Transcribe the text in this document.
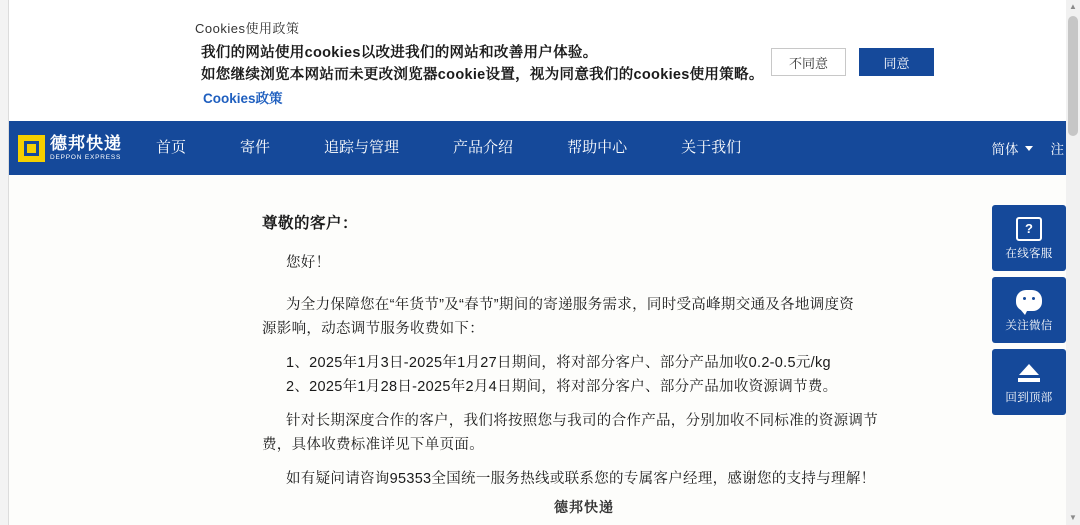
Cookies使用政策
我们的网站使用cookies以改进我们的网站和改善用户体验。
如您继续浏览本网站而未更改浏览器cookie设置，视为同意我们的cookies使用策略。
Cookies政策
不同意	同意
德邦快递
DEPPON EXPRESS
首页	寄件	追踪与管理	产品介绍	帮助中心	关于我们	简体 注
尊敬的客户：
您好！
为全力保障您在“年货节”及“春节”期间的寄递服务需求，同时受高峰期交通及各地调度资
源影响，动态调节服务收费如下：
1、2025年1月3日-2025年1月27日期间，将对部分客户、部分产品加收0.2-0.5元/kg
2、2025年1月28日-2025年2月4日期间，将对部分客户、部分产品加收资源调节费。
针对长期深度合作的客户，我们将按照您与我司的合作产品，分别加收不同标准的资源调节
费，具体收费标准详见下单页面。
如有疑问请咨询95353全国统一服务热线或联系您的专属客户经理，感谢您的支持与理解！
德邦快递
?
在线客服
关注微信
回到顶部
▲
▼
